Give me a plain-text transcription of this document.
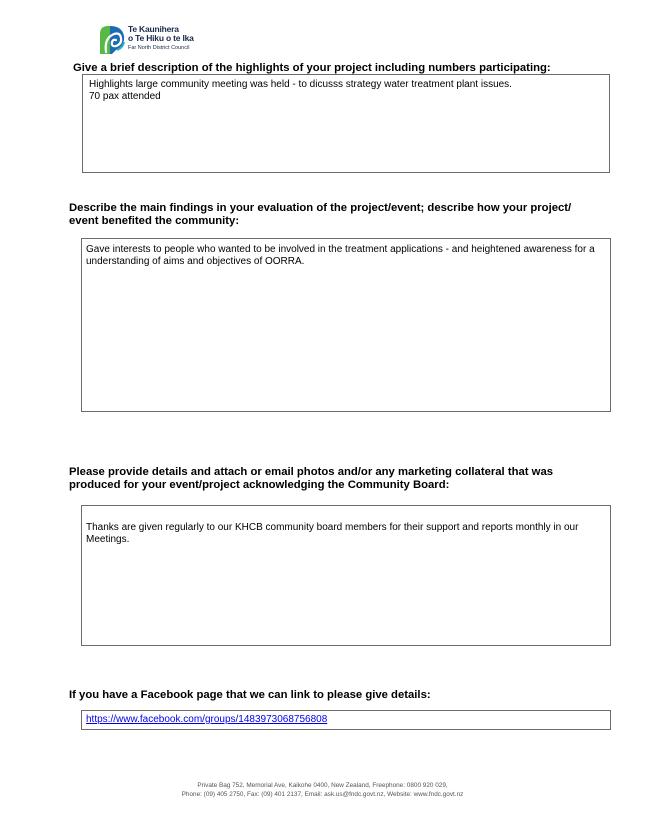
Te Kaunihera
o Te Hiku o te Ika
Far North District Council
Give a brief description of the highlights of your project including numbers participating:
Highlights large community meeting was held - to dicusss strategy water treatment plant issues.
70 pax attended
Describe the main findings in your evaluation of the project/event; describe how your project/
event benefited the community:
Gave interests to people who wanted to be involved in the treatment applications - and heightened awareness for a
understanding of aims and objectives of OORRA.
Please provide details and attach or email photos and/or any marketing collateral that was
produced for your event/project acknowledging the Community Board:
Thanks are given regularly to our KHCB community board members for their support and reports monthly in our
Meetings.
If you have a Facebook page that we can link to please give details:
https://www.facebook.com/groups/1483973068756808
Private Bag 752, Memorial Ave, Kaikohe 0400, New Zealand, Freephone: 0800 920 029,
Phone: (09) 405 2750, Fax: (09) 401 2137, Email: ask.us@fndc.govt.nz, Website: www.fndc.govt.nz
